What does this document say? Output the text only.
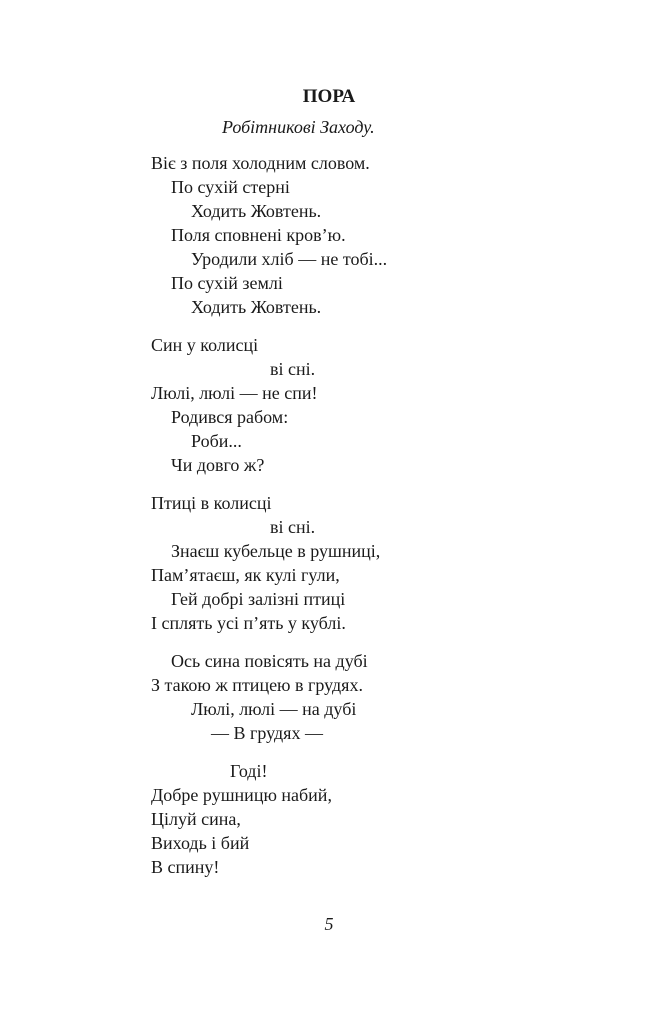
ПОРА
Робітникові Заходу.
Віє з поля холодним словом.
По сухій стерні
Ходить Жовтень.
Поля сповнені кров’ю.
Уродили хліб — не тобі...
По сухій землі
Ходить Жовтень.
Син у колисці
ві сні.
Люлі, люлі — не спи!
Родився рабом:
Роби...
Чи довго ж?
Птиці в колисці
ві сні.
Знаєш кубельце в рушниці,
Пам’ятаєш, як кулі гули,
Гей добрі залізні птиці
І сплять усі п’ять у кублі.
Ось сина повісять на дубі
З такою ж птицею в грудях.
Люлі, люлі — на дубі
— В грудях —
Годі!
Добре рушницю набий,
Цілуй сина,
Виходь і бий
В спину!
5
